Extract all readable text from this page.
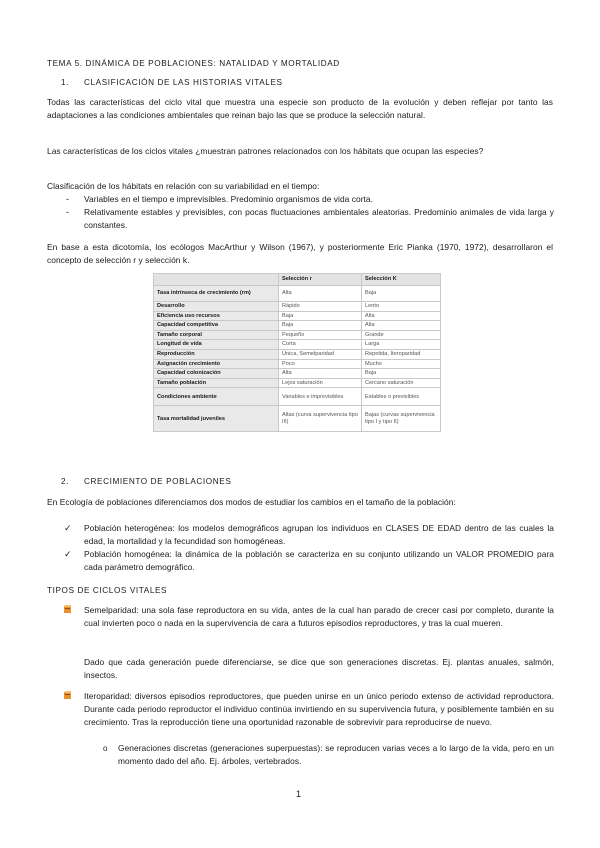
TEMA 5. DINÁMICA DE POBLACIONES: NATALIDAD Y MORTALIDAD
1. CLASIFICACIÓN DE LAS HISTORIAS VITALES
Todas las características del ciclo vital que muestra una especie son producto de la evolución y deben reflejar por tanto las adaptaciones a las condiciones ambientales que reinan bajo las que se produce la selección natural.
Las características de los ciclos vitales ¿muestran patrones relacionados con los hábitats que ocupan las especies?
Clasificación de los hábitats en relación con su variabilidad en el tiempo:
- Variables en el tiempo e imprevisibles. Predominio organismos de vida corta.
- Relativamente estables y previsibles, con pocas fluctuaciones ambientales aleatorias. Predominio animales de vida larga y constantes.
En base a esta dicotomía, los ecólogos MacArthur y Wilson (1967), y posteriormente Eric Pianka (1970, 1972), desarrollaron el concepto de selección r y selección k.
	Selección r	Selección K
Tasa intrínseca de crecimiento (rm)	Alta	Baja
Desarrollo	Rápido	Lento
Eficiencia uso recursos	Baja	Alta
Capacidad competitiva	Baja	Alta
Tamaño corporal	Pequeño	Grande
Longitud de vida	Corta	Larga
Reproducción	Única, Semelparidad	Repetida, Iteroparidad
Asignación crecimiento	Poco	Mucho
Capacidad colonización	Alta	Baja
Tamaño población	Lejos saturación	Cercano saturación
Condiciones ambiente	Variables e imprevisibles	Estables o previsibles
Tasa mortalidad juveniles	Altas (curva supervivencia tipo III)	Bajas (curvas supervivencia tipo I y tipo II)
2. CRECIMIENTO DE POBLACIONES
En Ecología de poblaciones diferenciamos dos modos de estudiar los cambios en el tamaño de la población:
✓ Población heterogénea: los modelos demográficos agrupan los individuos en CLASES DE EDAD dentro de las cuales la edad, la mortalidad y la fecundidad son homogéneas.
✓ Población homogénea: la dinámica de la población se caracteriza en su conjunto utilizando un VALOR PROMEDIO para cada parámetro demográfico.
TIPOS DE CICLOS VITALES
Semelparidad: una sola fase reproductora en su vida, antes de la cual han parado de crecer casi por completo, durante la cual invierten poco o nada en la supervivencia de cara a futuros episodios reproductores, y tras la cual mueren.
Dado que cada generación puede diferenciarse, se dice que son generaciones discretas. Ej. plantas anuales, salmón, insectos.
Iteroparidad: diversos episodios reproductores, que pueden unirse en un único periodo extenso de actividad reproductora. Durante cada periodo reproductor el individuo continúa invirtiendo en su supervivencia futura, y posiblemente también en su crecimiento. Tras la reproducción tiene una oportunidad razonable de sobrevivir para reproducirse de nuevo.
o Generaciones discretas (generaciones superpuestas): se reproducen varias veces a lo largo de la vida, pero en un momento dado del año. Ej. árboles, vertebrados.
1
